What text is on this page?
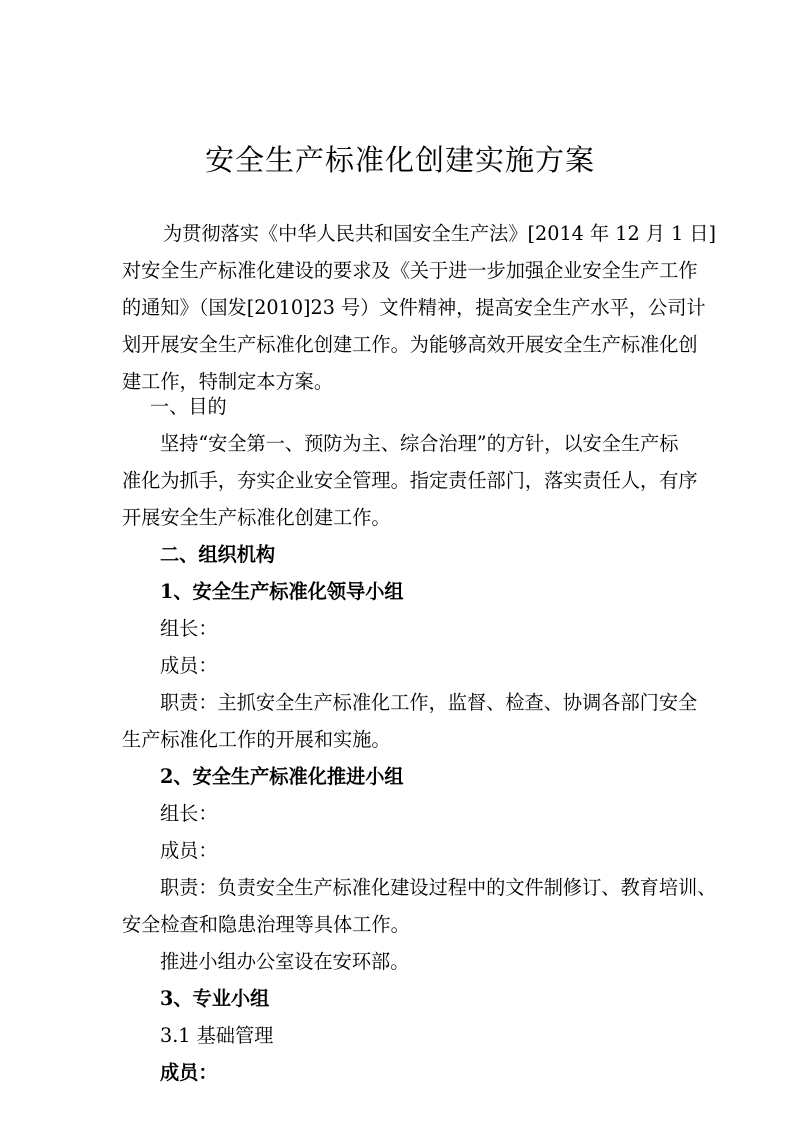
安全生产标准化创建实施方案
为贯彻落实《中华人民共和国安全生产法》[2014 年 12 月 1 日]
对安全生产标准化建设的要求及《关于进一步加强企业安全生产工作
的通知》（国发[2010]23 号）文件精神，提高安全生产水平，公司计
划开展安全生产标准化创建工作。为能够高效开展安全生产标准化创
建工作，特制定本方案。
一、目的
坚持“安全第一、预防为主、综合治理”的方针，以安全生产标
准化为抓手，夯实企业安全管理。指定责任部门，落实责任人，有序
开展安全生产标准化创建工作。
二、组织机构
1、安全生产标准化领导小组
组长：
成员：
职责：主抓安全生产标准化工作，监督、检查、协调各部门安全
生产标准化工作的开展和实施。
2、安全生产标准化推进小组
组长：
成员：
职责：负责安全生产标准化建设过程中的文件制修订、教育培训、
安全检查和隐患治理等具体工作。
推进小组办公室设在安环部。
3、专业小组
3.1 基础管理
成员：
